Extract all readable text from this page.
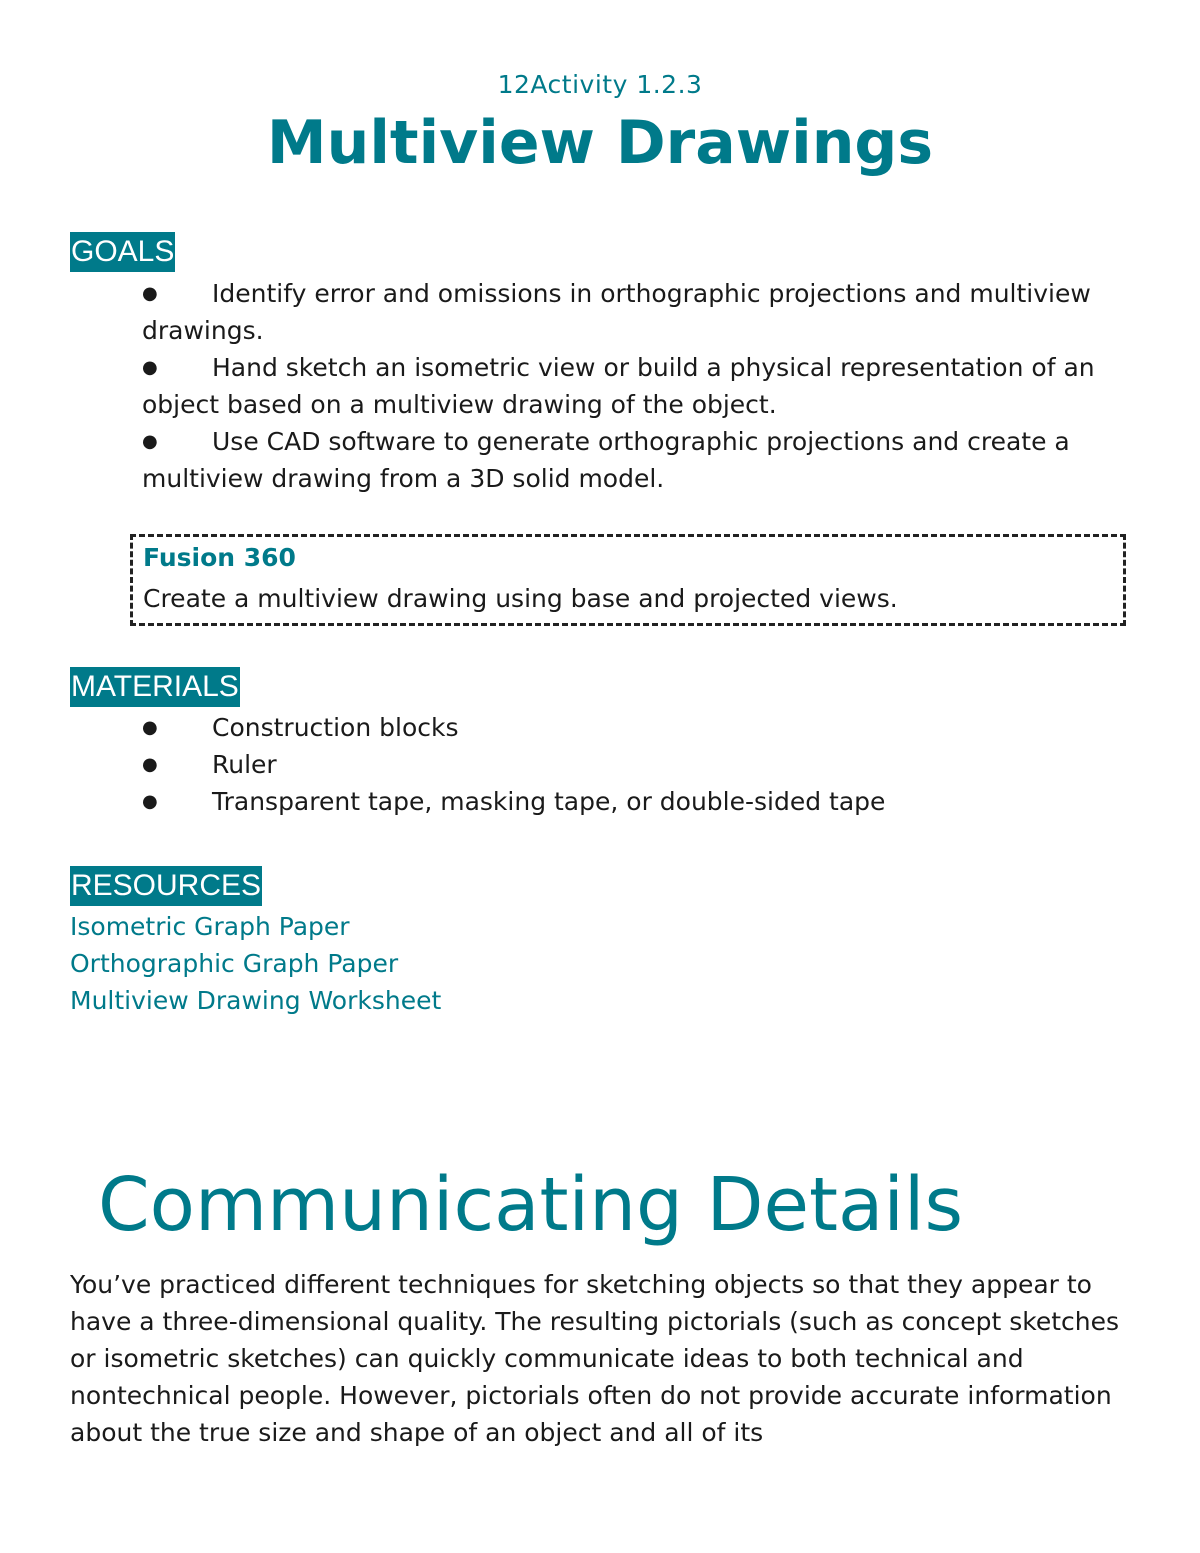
12Activity 1.2.3
Multiview Drawings
GOALS
● Identify error and omissions in orthographic projections and multiview drawings.
● Hand sketch an isometric view or build a physical representation of an object based on a multiview drawing of the object.
● Use CAD software to generate orthographic projections and create a multiview drawing from a 3D solid model.
Fusion 360
Create a multiview drawing using base and projected views.
MATERIALS
● Construction blocks
● Ruler
● Transparent tape, masking tape, or double-sided tape
RESOURCES
Isometric Graph Paper
Orthographic Graph Paper
Multiview Drawing Worksheet
Communicating Details

You’ve practiced different techniques for sketching objects so that they appear to have a three-dimensional quality. The resulting pictorials (such as concept sketches or isometric sketches) can quickly communicate ideas to both technical and nontechnical people. However, pictorials often do not provide accurate information about the true size and shape of an object and all of its
